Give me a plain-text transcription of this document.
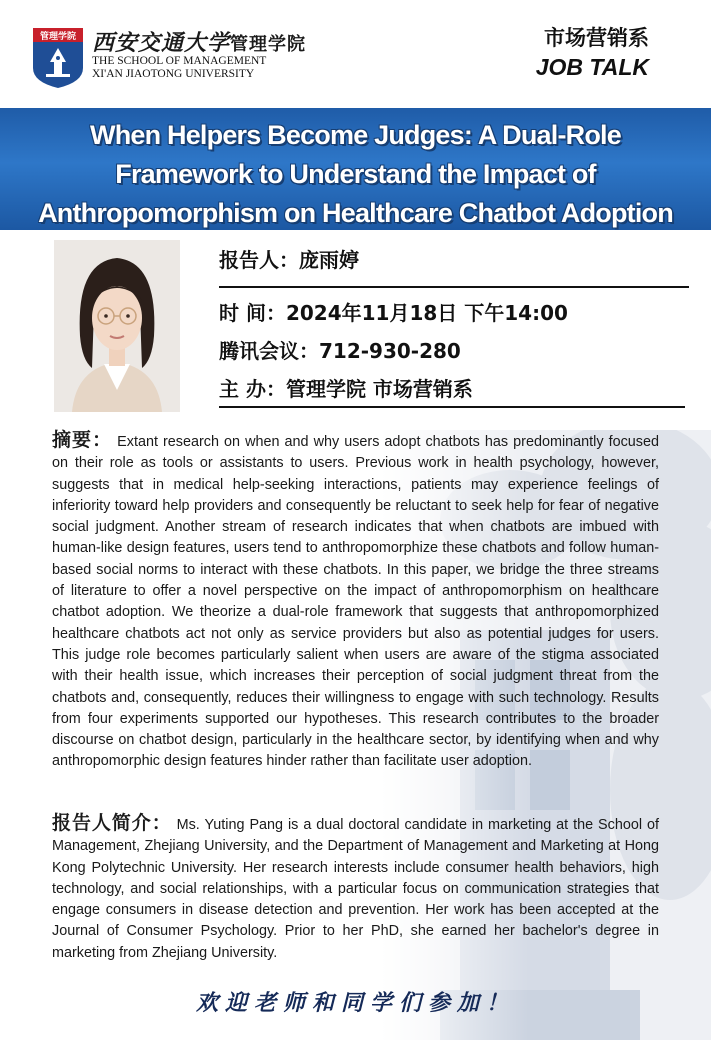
管理学院 西安交通大学管理学院
THE SCHOOL OF MANAGEMENT
XI'AN JIAOTONG UNIVERSITY
市场营销系
JOB TALK
When Helpers Become Judges: A Dual-Role
Framework to Understand the Impact of
Anthropomorphism on Healthcare Chatbot Adoption
报告人：庞雨婷
时 间：2024年11月18日 下午14:00
腾讯会议：712-930-280
主 办：管理学院 市场营销系
摘要： Extant research on when and why users adopt chatbots has predominantly focused on their role as tools or assistants to users. Previous work in health psychology, however, suggests that in medical help-seeking interactions, patients may experience feelings of inferiority toward help providers and consequently be reluctant to seek help for fear of negative social judgment. Another stream of research indicates that when chatbots are imbued with human-like design features, users tend to anthropomorphize these chatbots and follow human-based social norms to interact with these chatbots. In this paper, we bridge the three streams of literature to offer a novel perspective on the impact of anthropomorphism on healthcare chatbot adoption. We theorize a dual-role framework that suggests that anthropomorphized healthcare chatbots act not only as service providers but also as potential judges for users. This judge role becomes particularly salient when users are aware of the stigma associated with their health issue, which increases their perception of social judgment threat from the chatbots and, consequently, reduces their willingness to engage with such technology. Results from four experiments supported our hypotheses. This research contributes to the broader discourse on chatbot design, particularly in the healthcare sector, by identifying when and why anthropomorphic design features hinder rather than facilitate user adoption.
报告人简介： Ms. Yuting Pang is a dual doctoral candidate in marketing at the School of Management, Zhejiang University, and the Department of Management and Marketing at Hong Kong Polytechnic University. Her research interests include consumer health behaviors, high technology, and social relationships, with a particular focus on communication strategies that engage consumers in disease detection and prevention. Her work has been accepted at the Journal of Consumer Psychology. Prior to her PhD, she earned her bachelor's degree in marketing from Zhejiang University.
欢迎老师和同学们参加！
